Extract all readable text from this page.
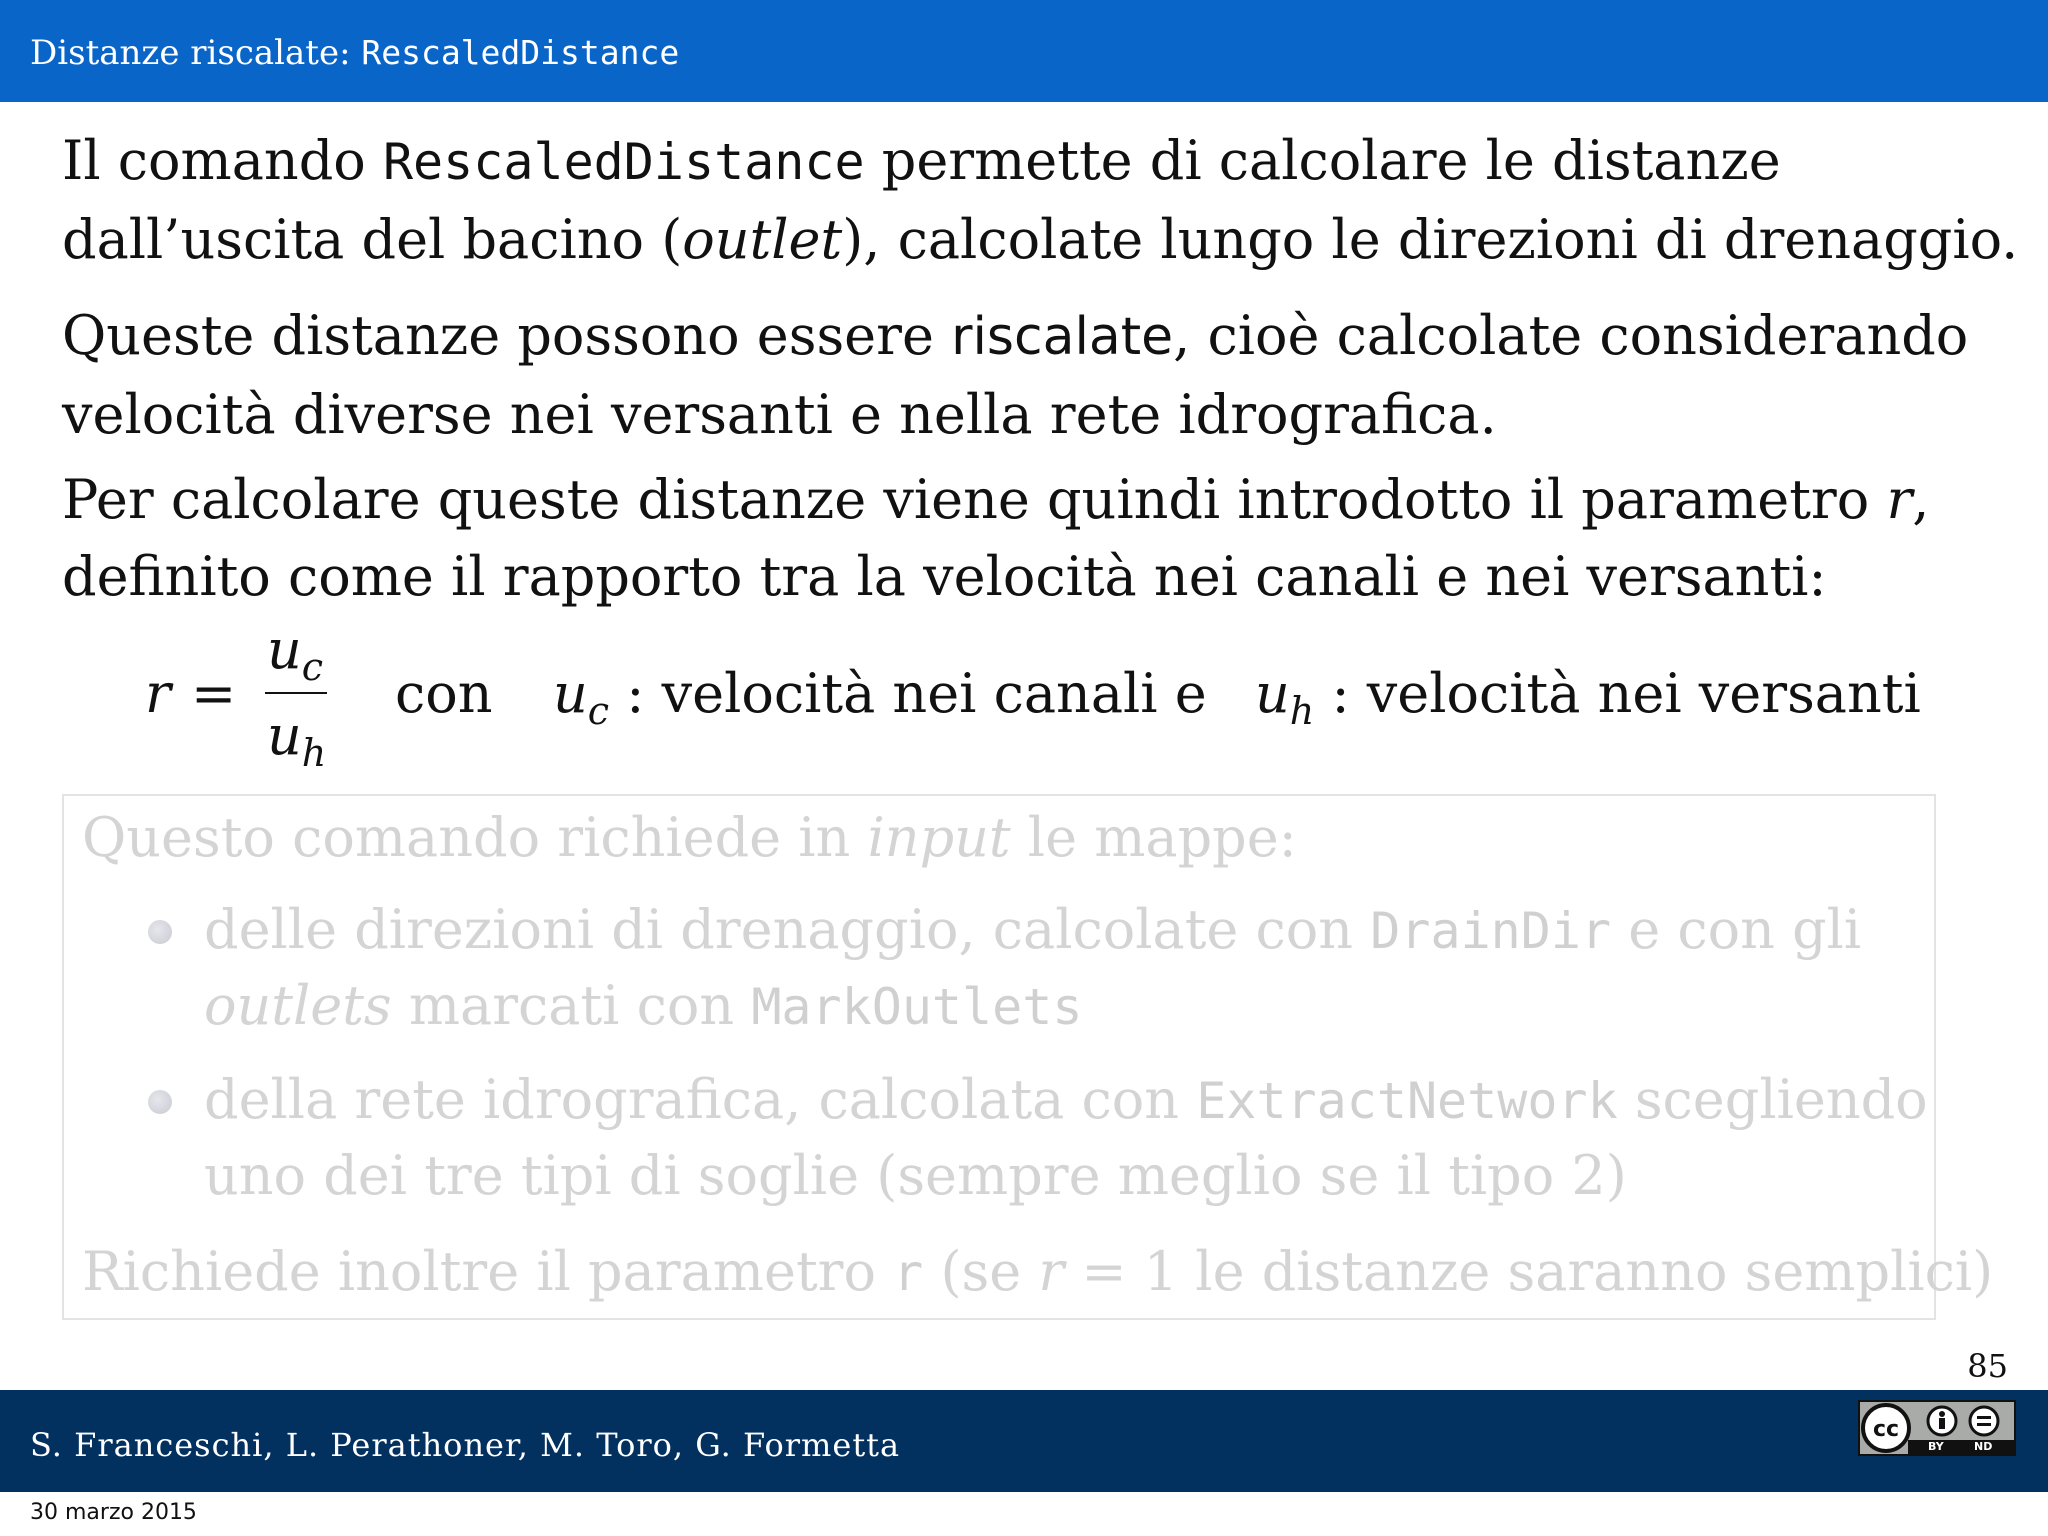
Distanze riscalate: RescaledDistance
Il comando RescaledDistance permette di calcolare le distanze
dall’uscita del bacino (outlet), calcolate lungo le direzioni di drenaggio.
Queste distanze possono essere riscalate, cioè calcolate considerando
velocità diverse nei versanti e nella rete idrografica.
Per calcolare queste distanze viene quindi introdotto il parametro r,
definito come il rapporto tra la velocità nei canali e nei versanti:
r =
$u_c$
$u_h$
con $u_c$ : velocità nei canali e $u_h$ : velocità nei versanti
Questo comando richiede in input le mappe:
delle direzioni di drenaggio, calcolate con DrainDir e con gli
outlets marcati con MarkOutlets
della rete idrografica, calcolata con ExtractNetwork scegliendo
uno dei tre tipi di soglie (sempre meglio se il tipo 2)
Richiede inoltre il parametro r (se r = 1 le distanze saranno semplici)
85
S. Franceschi, L. Perathoner, M. Toro, G. Formetta	cc
BY	ND
30 marzo 2015
